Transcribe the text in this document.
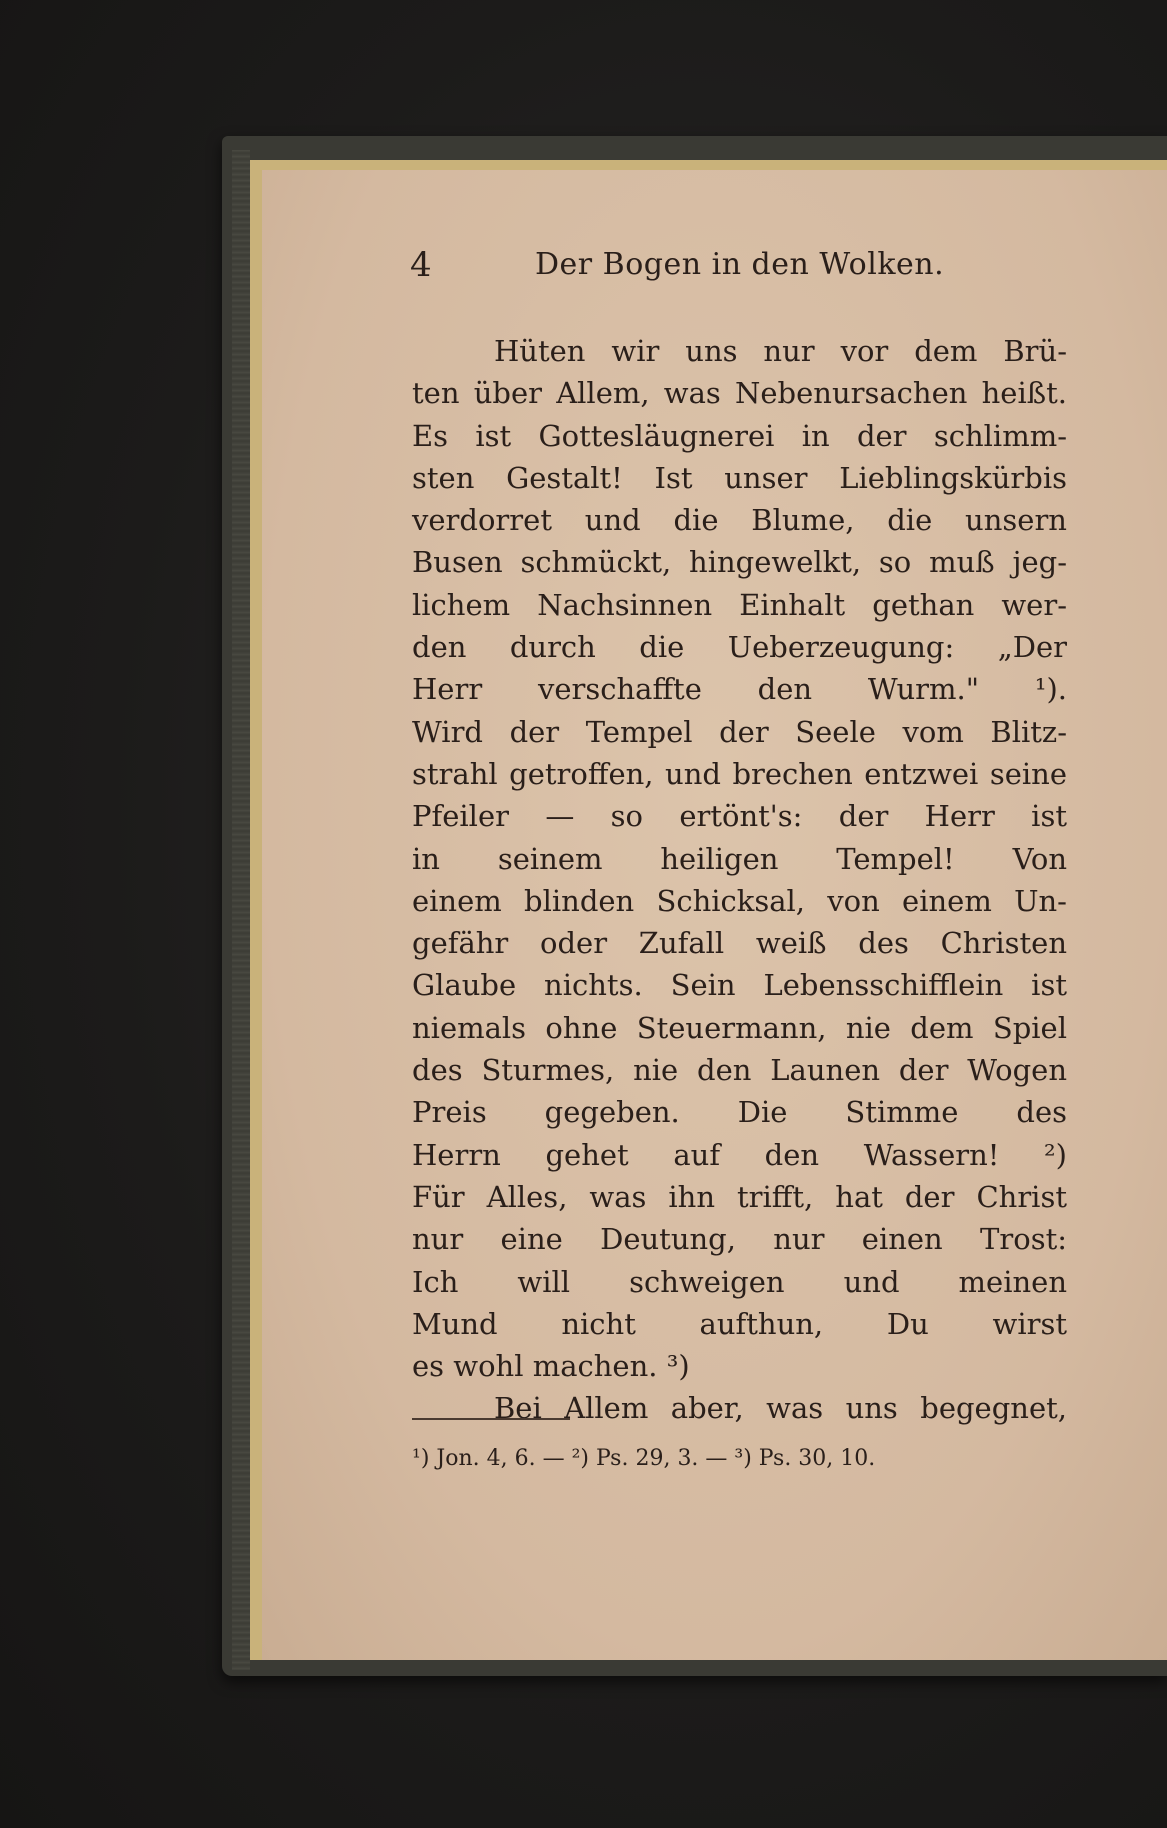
4	Der Bogen in den Wolken.
Hüten wir uns nur vor dem Brü-
ten über Allem, was Nebenursachen heißt.
Es ist Gottesläugnerei in der schlimm-
sten Gestalt! Ist unser Lieblingskürbis
verdorret und die Blume, die unsern
Busen schmückt, hingewelkt, so muß jeg-
lichem Nachsinnen Einhalt gethan wer-
den durch die Ueberzeugung: „Der
Herr verschaffte den Wurm." ¹).
Wird der Tempel der Seele vom Blitz-
strahl getroffen, und brechen entzwei seine
Pfeiler — so ertönt's: der Herr ist
in seinem heiligen Tempel! Von
einem blinden Schicksal, von einem Un-
gefähr oder Zufall weiß des Christen
Glaube nichts. Sein Lebensschifflein ist
niemals ohne Steuermann, nie dem Spiel
des Sturmes, nie den Launen der Wogen
Preis gegeben. Die Stimme des
Herrn gehet auf den Wassern! ²)
Für Alles, was ihn trifft, hat der Christ
nur eine Deutung, nur einen Trost:
Ich will schweigen und meinen
Mund nicht aufthun, Du wirst
es wohl machen. ³)
Bei Allem aber, was uns begegnet,
¹) Jon. 4, 6. — ²) Ps. 29, 3. — ³) Ps. 30, 10.
